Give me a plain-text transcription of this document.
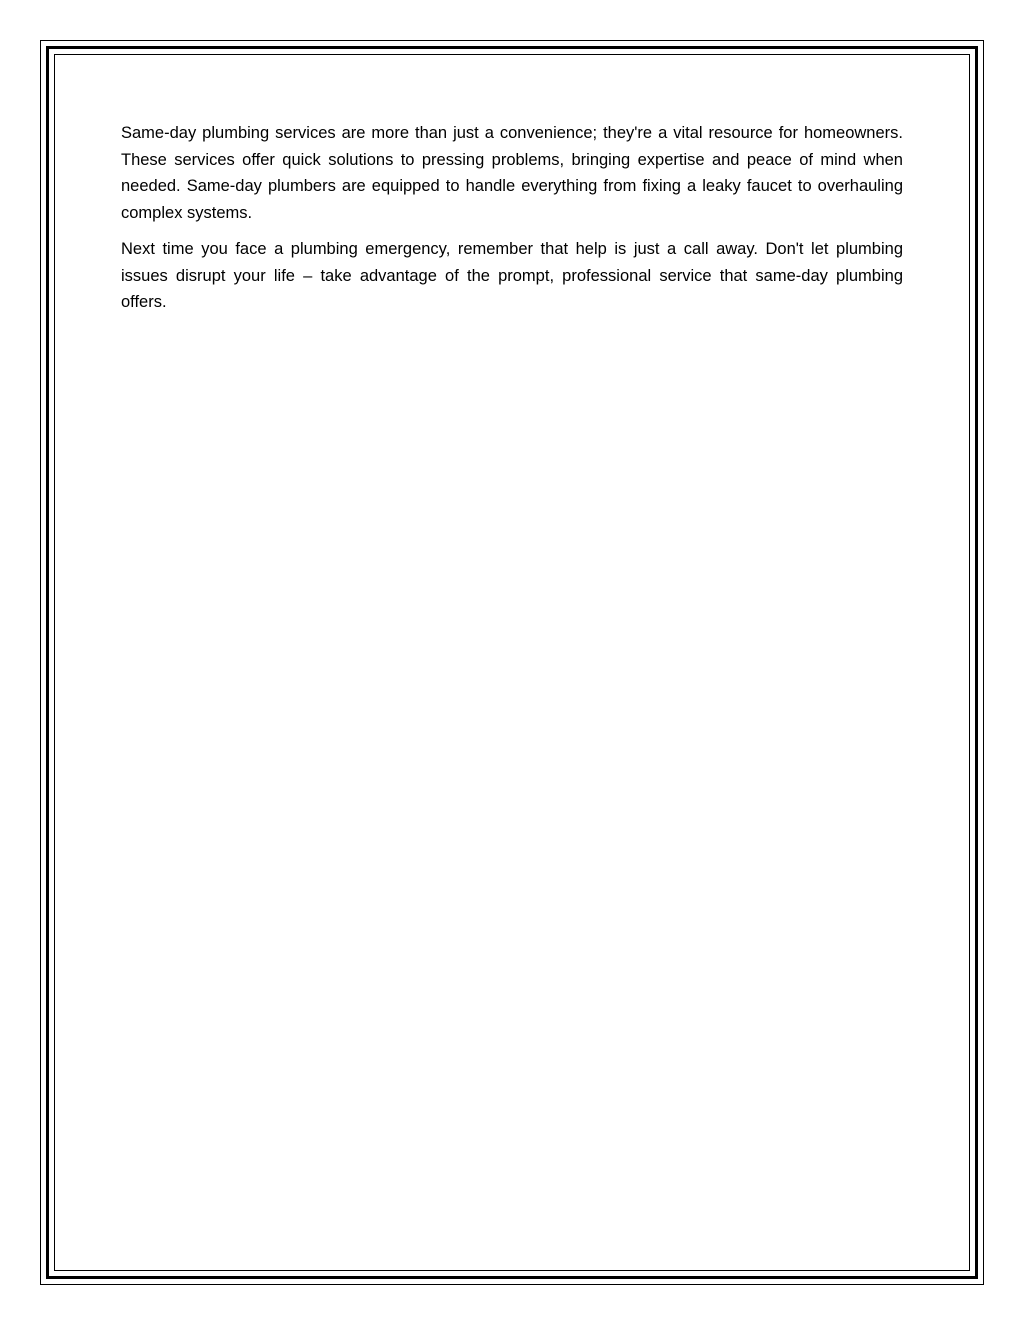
Same-day plumbing services are more than just a convenience; they're a vital resource for homeowners. These services offer quick solutions to pressing problems, bringing expertise and peace of mind when needed. Same-day plumbers are equipped to handle everything from fixing a leaky faucet to overhauling complex systems.

Next time you face a plumbing emergency, remember that help is just a call away. Don't let plumbing issues disrupt your life – take advantage of the prompt, professional service that same-day plumbing offers.
